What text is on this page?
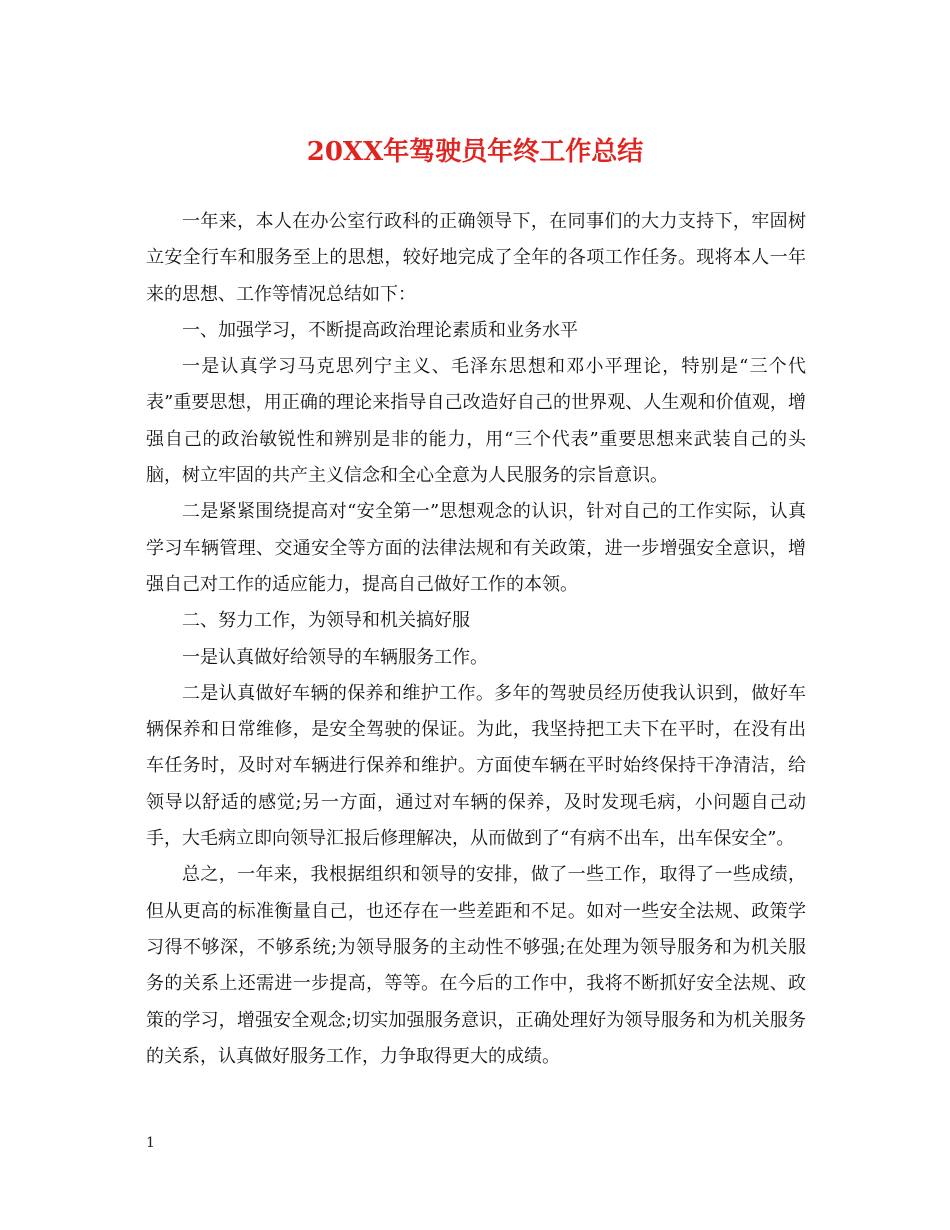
20XX年驾驶员年终工作总结

一年来，本人在办公室行政科的正确领导下，在同事们的大力支持下，牢固树立安全行车和服务至上的思想，较好地完成了全年的各项工作任务。现将本人一年来的思想、工作等情况总结如下：

一、加强学习，不断提高政治理论素质和业务水平

一是认真学习马克思列宁主义、毛泽东思想和邓小平理论，特别是“三个代表”重要思想，用正确的理论来指导自己改造好自己的世界观、人生观和价值观，增强自己的政治敏锐性和辨别是非的能力，用“三个代表”重要思想来武装自己的头脑，树立牢固的共产主义信念和全心全意为人民服务的宗旨意识。

二是紧紧围绕提高对“安全第一”思想观念的认识，针对自己的工作实际，认真学习车辆管理、交通安全等方面的法律法规和有关政策，进一步增强安全意识，增强自己对工作的适应能力，提高自己做好工作的本领。

二、努力工作，为领导和机关搞好服

一是认真做好给领导的车辆服务工作。

二是认真做好车辆的保养和维护工作。多年的驾驶员经历使我认识到，做好车辆保养和日常维修，是安全驾驶的保证。为此，我坚持把工夫下在平时，在没有出车任务时，及时对车辆进行保养和维护。方面使车辆在平时始终保持干净清洁，给领导以舒适的感觉;另一方面，通过对车辆的保养，及时发现毛病，小问题自己动手，大毛病立即向领导汇报后修理解决，从而做到了“有病不出车，出车保安全”。

总之，一年来，我根据组织和领导的安排，做了一些工作，取得了一些成绩，但从更高的标准衡量自己，也还存在一些差距和不足。如对一些安全法规、政策学习得不够深，不够系统;为领导服务的主动性不够强;在处理为领导服务和为机关服务的关系上还需进一步提高，等等。在今后的工作中，我将不断抓好安全法规、政策的学习，增强安全观念;切实加强服务意识，正确处理好为领导服务和为机关服务的关系，认真做好服务工作，力争取得更大的成绩。

1
